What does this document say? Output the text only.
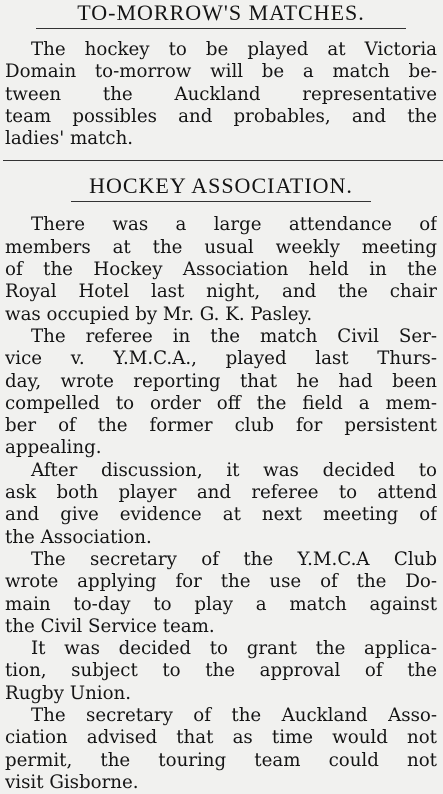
TO-MORROW'S MATCHES.
The hockey to be played at Victoria
Domain to-morrow will be a match be-
tween the Auckland representative
team possibles and probables, and the
ladies' match.
HOCKEY ASSOCIATION.
There was a large attendance of
members at the usual weekly meeting
of the Hockey Association held in the
Royal Hotel last night, and the chair
was occupied by Mr. G. K. Pasley.
The referee in the match Civil Ser-
vice v. Y.M.C.A., played last Thurs-
day, wrote reporting that he had been
compelled to order off the field a mem-
ber of the former club for persistent
appealing.
After discussion, it was decided to
ask both player and referee to attend
and give evidence at next meeting of
the Association.
The secretary of the Y.M.C.A Club
wrote applying for the use of the Do-
main to-day to play a match against
the Civil Service team.
It was decided to grant the applica-
tion, subject to the approval of the
Rugby Union.
The secretary of the Auckland Asso-
ciation advised that as time would not
permit, the touring team could not
visit Gisborne.
